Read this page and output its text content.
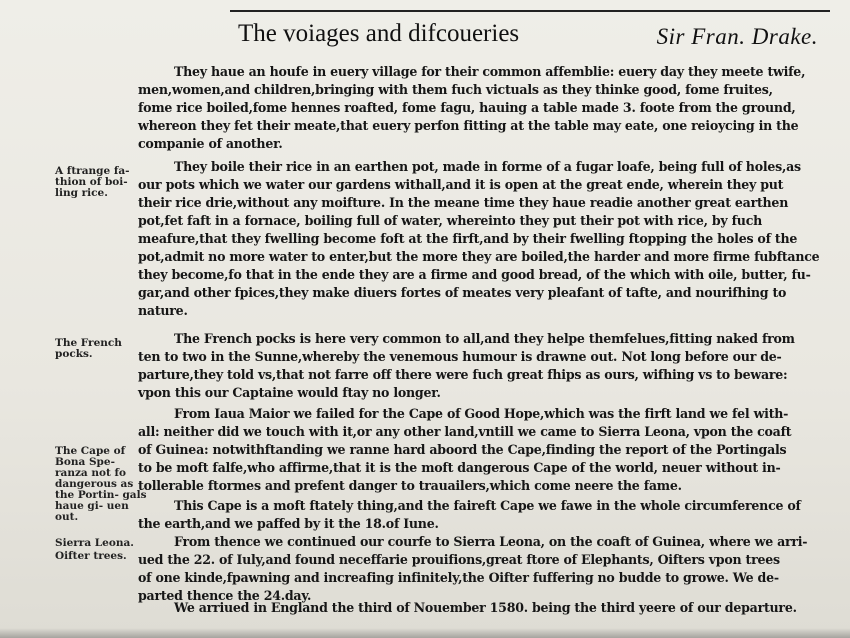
The voiages and difcoueries	Sir Fran. Drake.
A ftrange fa- thion of boi- ling rice.
The French pocks.
The Cape of Bona Spe- ranza not fo dangerous as the Portin- gals haue gi- uen out.
Sierra Leona.
Oifter trees.
They haue an houfe in euery village for their common affemblie: euery day they meete twife,
men,women,and children,bringing with them fuch victuals as they thinke good, fome fruites,
fome rice boiled,fome hennes roafted, fome fagu, hauing a table made 3. foote from the ground,
whereon they fet their meate,that euery perfon fitting at the table may eate, one reioycing in the
companie of another.
They boile their rice in an earthen pot, made in forme of a fugar loafe, being full of holes,as
our pots which we water our gardens withall,and it is open at the great ende, wherein they put
their rice drie,without any moifture. In the meane time they haue readie another great earthen
pot,fet faft in a fornace, boiling full of water, whereinto they put their pot with rice, by fuch
meafure,that they fwelling become foft at the firft,and by their fwelling ftopping the holes of the
pot,admit no more water to enter,but the more they are boiled,the harder and more firme fubftance
they become,fo that in the ende they are a firme and good bread, of the which with oile, butter, fu-
gar,and other fpices,they make diuers fortes of meates very pleafant of tafte, and nourifhing to
nature.
The French pocks is here very common to all,and they helpe themfelues,fitting naked from
ten to two in the Sunne,whereby the venemous humour is drawne out. Not long before our de-
parture,they told vs,that not farre off there were fuch great fhips as ours, wifhing vs to beware:
vpon this our Captaine would ftay no longer.
From Iaua Maior we failed for the Cape of Good Hope,which was the firft land we fel with-
all: neither did we touch with it,or any other land,vntill we came to Sierra Leona, vpon the coaft
of Guinea: notwithftanding we ranne hard aboord the Cape,finding the report of the Portingals
to be moft falfe,who affirme,that it is the moft dangerous Cape of the world, neuer without in-
tollerable ftormes and prefent danger to trauailers,which come neere the fame.
This Cape is a moft ftately thing,and the faireft Cape we fawe in the whole circumference of
the earth,and we paffed by it the 18.of Iune.
From thence we continued our courfe to Sierra Leona, on the coaft of Guinea, where we arri-
ued the 22. of Iuly,and found neceffarie prouifions,great ftore of Elephants, Oifters vpon trees
of one kinde,fpawning and increafing infinitely,the Oifter fuffering no budde to growe. We de-
parted thence the 24.day.
We arriued in England the third of Nouember 1580. being the third yeere of our departure.
